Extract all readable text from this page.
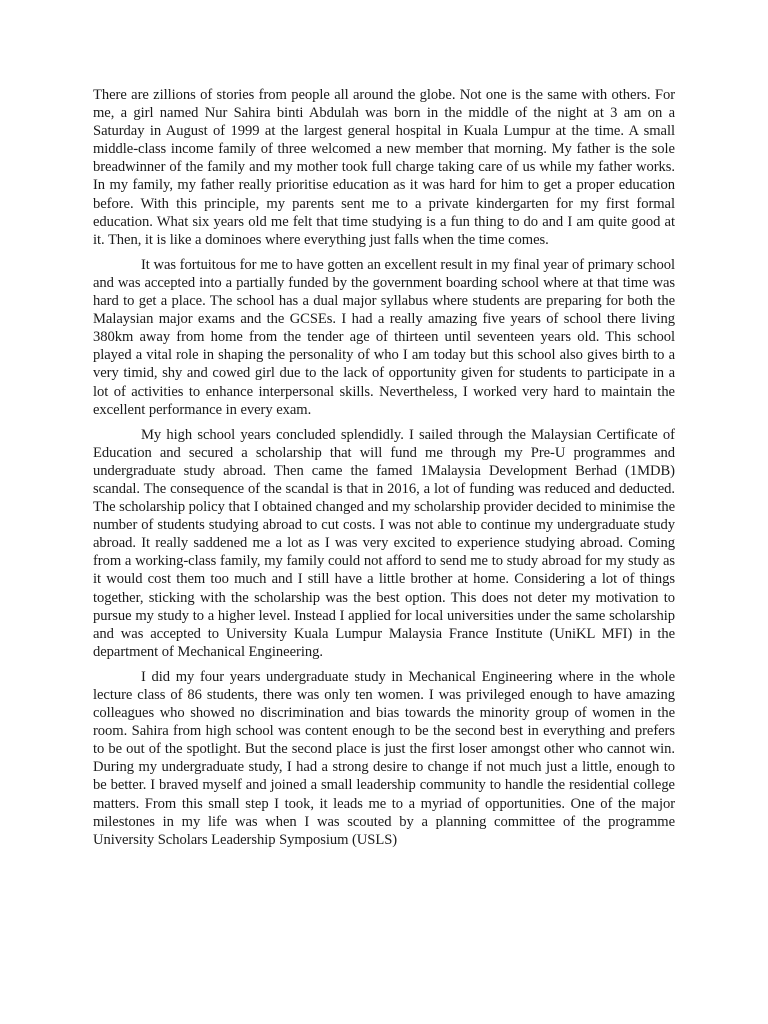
There are zillions of stories from people all around the globe. Not one is the same with others. For me, a girl named Nur Sahira binti Abdulah was born in the middle of the night at 3 am on a Saturday in August of 1999 at the largest general hospital in Kuala Lumpur at the time. A small middle-class income family of three welcomed a new member that morning. My father is the sole breadwinner of the family and my mother took full charge taking care of us while my father works. In my family, my father really prioritise education as it was hard for him to get a proper education before. With this principle, my parents sent me to a private kindergarten for my first formal education. What six years old me felt that time studying is a fun thing to do and I am quite good at it. Then, it is like a dominoes where everything just falls when the time comes.

It was fortuitous for me to have gotten an excellent result in my final year of primary school and was accepted into a partially funded by the government boarding school where at that time was hard to get a place. The school has a dual major syllabus where students are preparing for both the Malaysian major exams and the GCSEs. I had a really amazing five years of school there living 380km away from home from the tender age of thirteen until seventeen years old. This school played a vital role in shaping the personality of who I am today but this school also gives birth to a very timid, shy and cowed girl due to the lack of opportunity given for students to participate in a lot of activities to enhance interpersonal skills. Nevertheless, I worked very hard to maintain the excellent performance in every exam.

My high school years concluded splendidly. I sailed through the Malaysian Certificate of Education and secured a scholarship that will fund me through my Pre-U programmes and undergraduate study abroad. Then came the famed 1Malaysia Development Berhad (1MDB) scandal. The consequence of the scandal is that in 2016, a lot of funding was reduced and deducted. The scholarship policy that I obtained changed and my scholarship provider decided to minimise the number of students studying abroad to cut costs. I was not able to continue my undergraduate study abroad. It really saddened me a lot as I was very excited to experience studying abroad. Coming from a working-class family, my family could not afford to send me to study abroad for my study as it would cost them too much and I still have a little brother at home. Considering a lot of things together, sticking with the scholarship was the best option. This does not deter my motivation to pursue my study to a higher level. Instead I applied for local universities under the same scholarship and was accepted to University Kuala Lumpur Malaysia France Institute (UniKL MFI) in the department of Mechanical Engineering.

I did my four years undergraduate study in Mechanical Engineering where in the whole lecture class of 86 students, there was only ten women. I was privileged enough to have amazing colleagues who showed no discrimination and bias towards the minority group of women in the room. Sahira from high school was content enough to be the second best in everything and prefers to be out of the spotlight. But the second place is just the first loser amongst other who cannot win. During my undergraduate study, I had a strong desire to change if not much just a little, enough to be better. I braved myself and joined a small leadership community to handle the residential college matters. From this small step I took, it leads me to a myriad of opportunities. One of the major milestones in my life was when I was scouted by a planning committee of the programme University Scholars Leadership Symposium (USLS)
